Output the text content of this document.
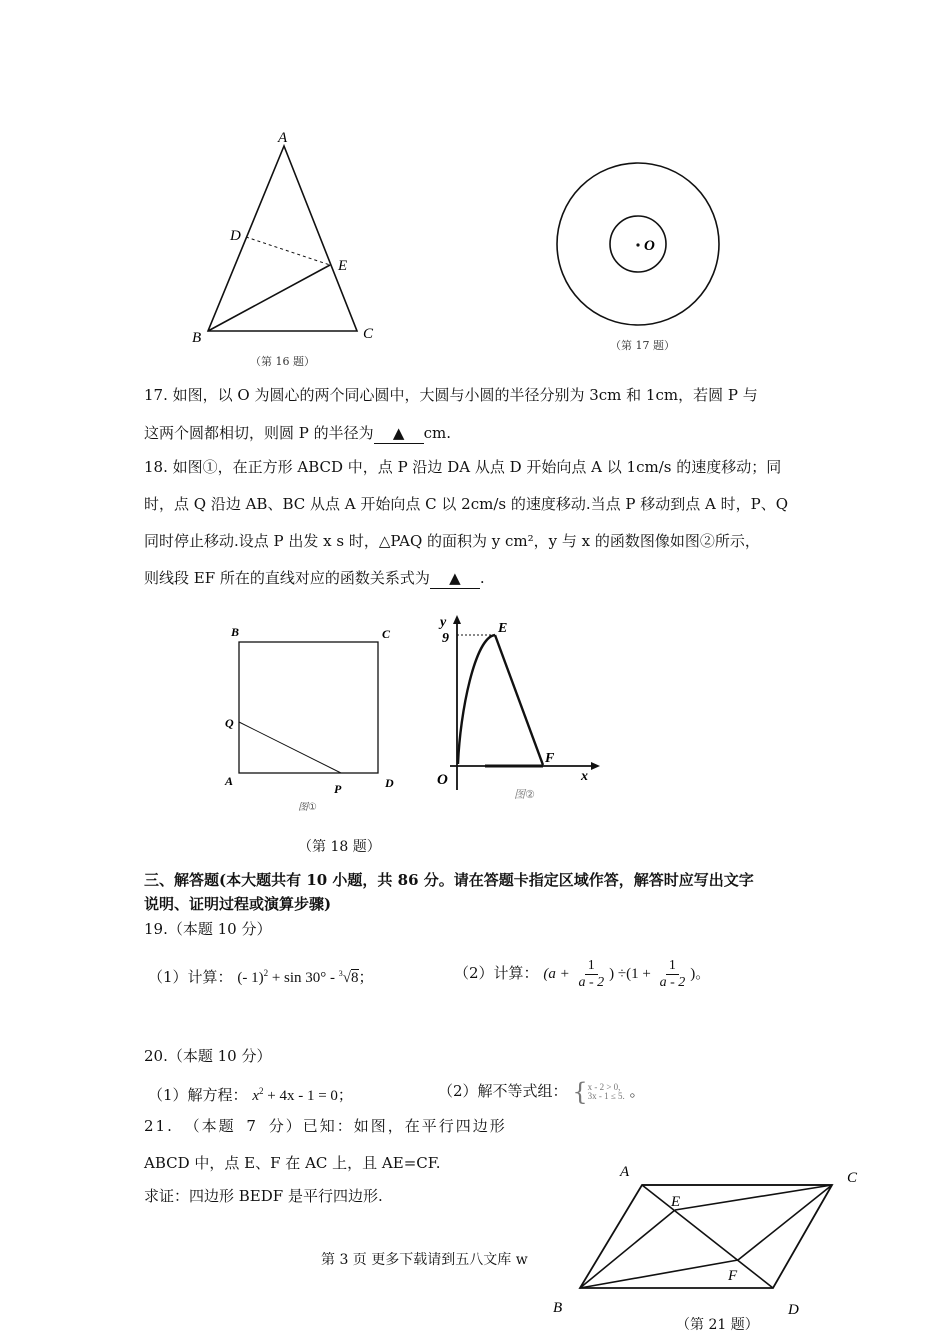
A
D
E
B	C
（第 16 题）
O
（第 17 题）
17. 如图，以 O 为圆心的两个同心圆中，大圆与小圆的半径分别为 3cm 和 1cm，若圆 P 与
这两个圆都相切，则圆 P 的半径为 ▲ cm.
18. 如图①，在正方形 ABCD 中，点 P 沿边 DA 从点 D 开始向点 A 以 1cm/s 的速度移动；同
时，点 Q 沿边 AB、BC 从点 A 开始向点 C 以 2cm/s 的速度移动.当点 P 移动到点 A 时，P、Q
同时停止移动.设点 P 出发 x s 时，△PAQ 的面积为 y cm²，y 与 x 的函数图像如图②所示，
则线段 EF 所在的直线对应的函数关系式为 ▲ .
B	C
Q
A	D
P
图①
y
9
E
F
O	x
图②
（第 18 题）
三、解答题(本大题共有 10 小题，共 86 分。请在答题卡指定区域作答，解答时应写出文字
说明、证明过程或演算步骤)
19.（本题 10 分）
（1）计算： (- 1)$^2$ + sin 30° - $^3$√8；	（2）计算： ($a + \frac{1}{a - 2}$ ) $\div(1 + \frac{1}{a - 2}$ )。
20.（本题 10 分）
（1）解方程： $x^2 + 4x - 1 = 0$；	（2）解不等式组： { x - 2 > 0,
3x - 1 ≤ 5. 。
21. （本题 7 分）已知：如图，在平行四边形
ABCD 中，点 E、F 在 AC 上，且 AE=CF.
求证：四边形 BEDF 是平行四边形.
A	C
E
F
B	D
（第 21 题）
第 3 页 更多下载请到五八文库 w
